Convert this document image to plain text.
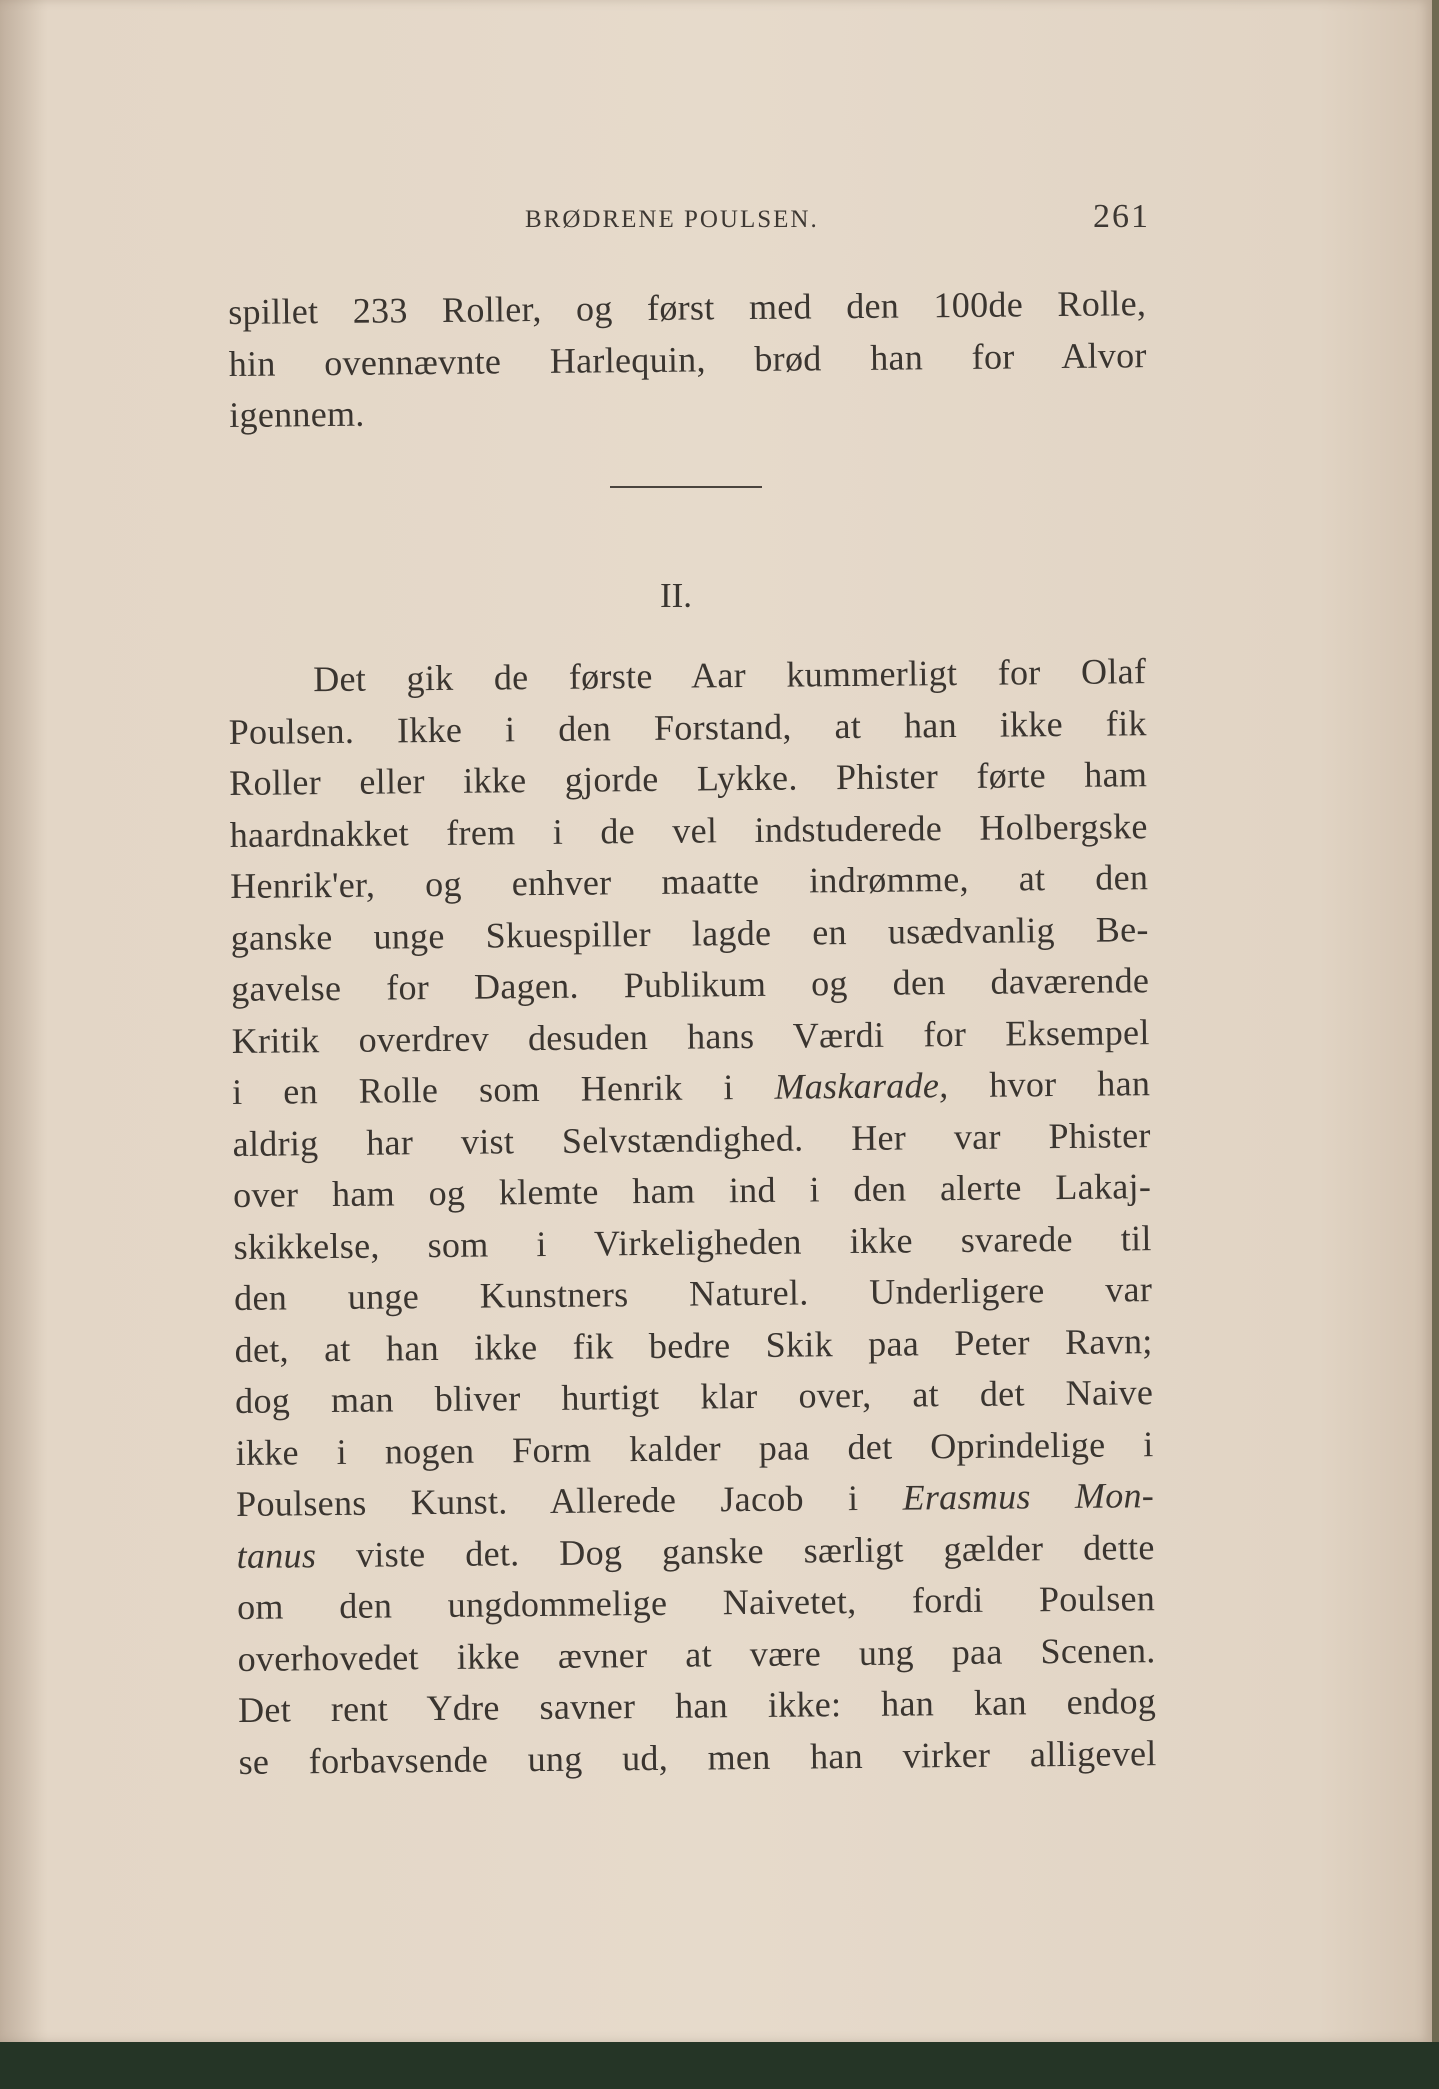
BRØDRENE POULSEN.	261
spillet 233 Roller, og først med den 100de Rolle,
hin ovennævnte Harlequin, brød han for Alvor
igennem.
II.
Det gik de første Aar kummerligt for Olaf
Poulsen. Ikke i den Forstand, at han ikke fik
Roller eller ikke gjorde Lykke. Phister førte ham
haardnakket frem i de vel indstuderede Holbergske
Henrik'er, og enhver maatte indrømme, at den
ganske unge Skuespiller lagde en usædvanlig Be-
gavelse for Dagen. Publikum og den daværende
Kritik overdrev desuden hans Værdi for Eksempel
i en Rolle som Henrik i Maskarade, hvor han
aldrig har vist Selvstændighed. Her var Phister
over ham og klemte ham ind i den alerte Lakaj-
skikkelse, som i Virkeligheden ikke svarede til
den unge Kunstners Naturel. Underligere var
det, at han ikke fik bedre Skik paa Peter Ravn;
dog man bliver hurtigt klar over, at det Naive
ikke i nogen Form kalder paa det Oprindelige i
Poulsens Kunst. Allerede Jacob i Erasmus Mon-
tanus viste det. Dog ganske særligt gælder dette
om den ungdommelige Naivetet, fordi Poulsen
overhovedet ikke ævner at være ung paa Scenen.
Det rent Ydre savner han ikke: han kan endog
se forbavsende ung ud, men han virker alligevel
